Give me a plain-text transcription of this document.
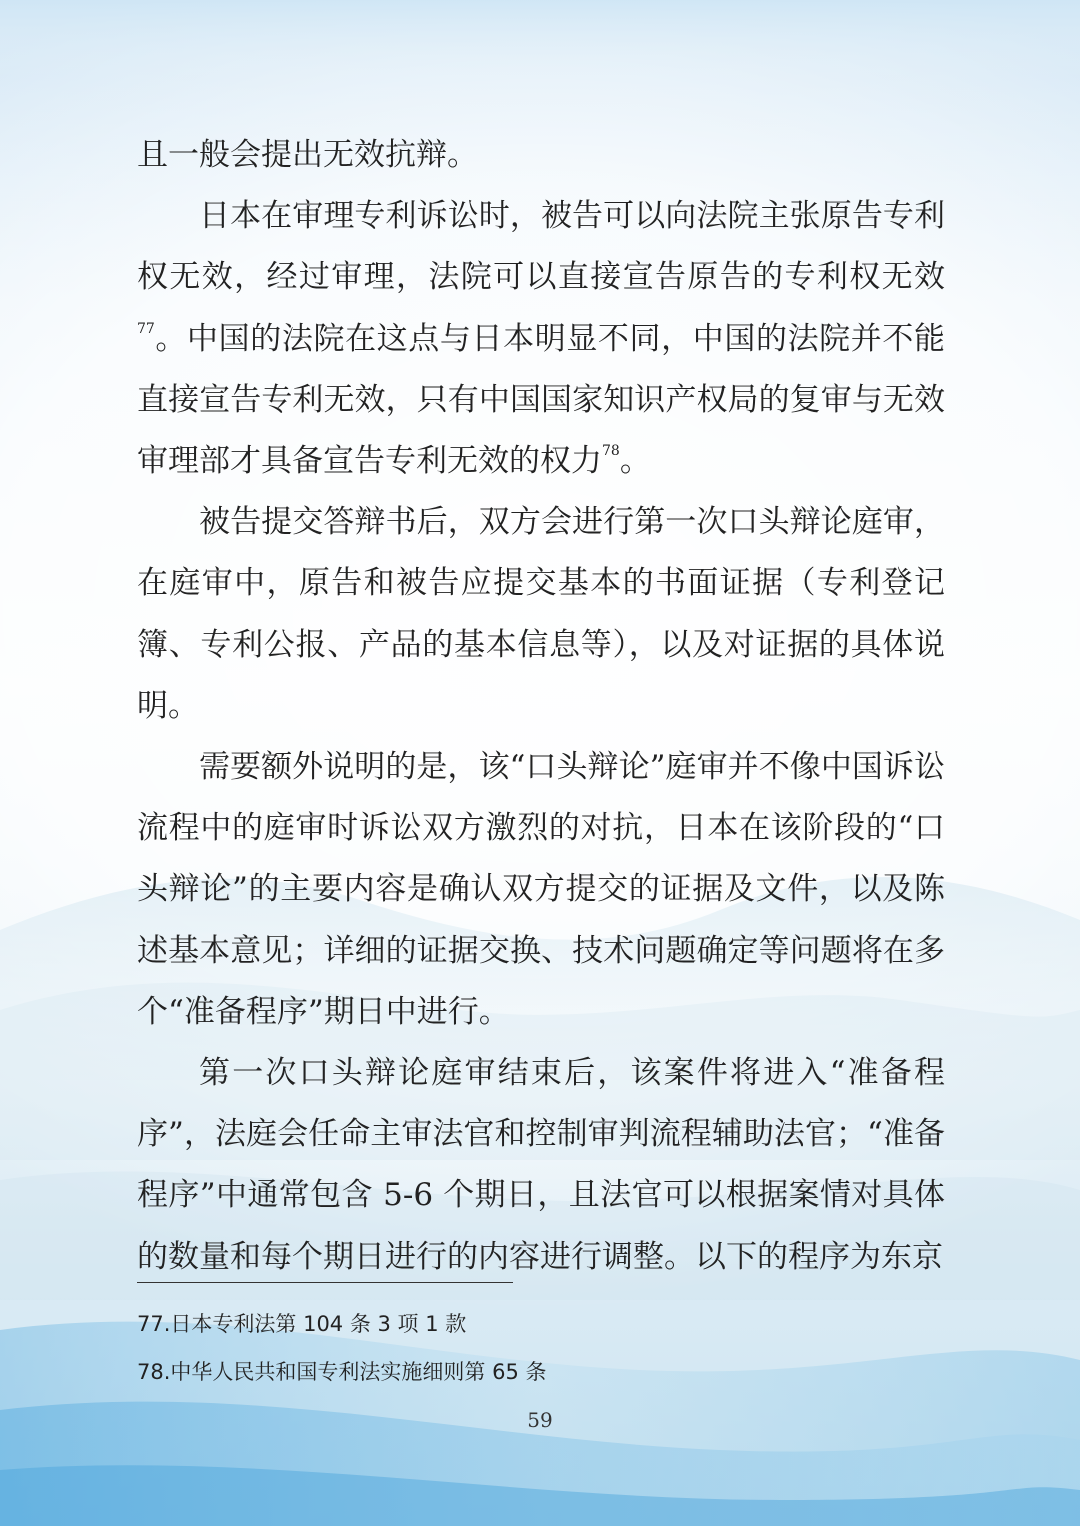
且一般会提出无效抗辩。

日本在审理专利诉讼时，被告可以向法院主张原告专利权无效，经过审理，法院可以直接宣告原告的专利权无效$^{77}$。中国的法院在这点与日本明显不同，中国的法院并不能直接宣告专利无效，只有中国国家知识产权局的复审与无效审理部才具备宣告专利无效的权力$^{78}$。

被告提交答辩书后，双方会进行第一次口头辩论庭审，在庭审中，原告和被告应提交基本的书面证据（专利登记簿、专利公报、产品的基本信息等），以及对证据的具体说明。

需要额外说明的是，该“口头辩论”庭审并不像中国诉讼流程中的庭审时诉讼双方激烈的对抗，日本在该阶段的“口头辩论”的主要内容是确认双方提交的证据及文件，以及陈述基本意见；详细的证据交换、技术问题确定等问题将在多个“准备程序”期日中进行。

第一次口头辩论庭审结束后，该案件将进入“准备程序”，法庭会任命主审法官和控制审判流程辅助法官；“准备程序”中通常包含 5-6 个期日，且法官可以根据案情对具体的数量和每个期日进行的内容进行调整。以下的程序为东京

77.日本专利法第 104 条 3 项 1 款
78.中华人民共和国专利法实施细则第 65 条
59
